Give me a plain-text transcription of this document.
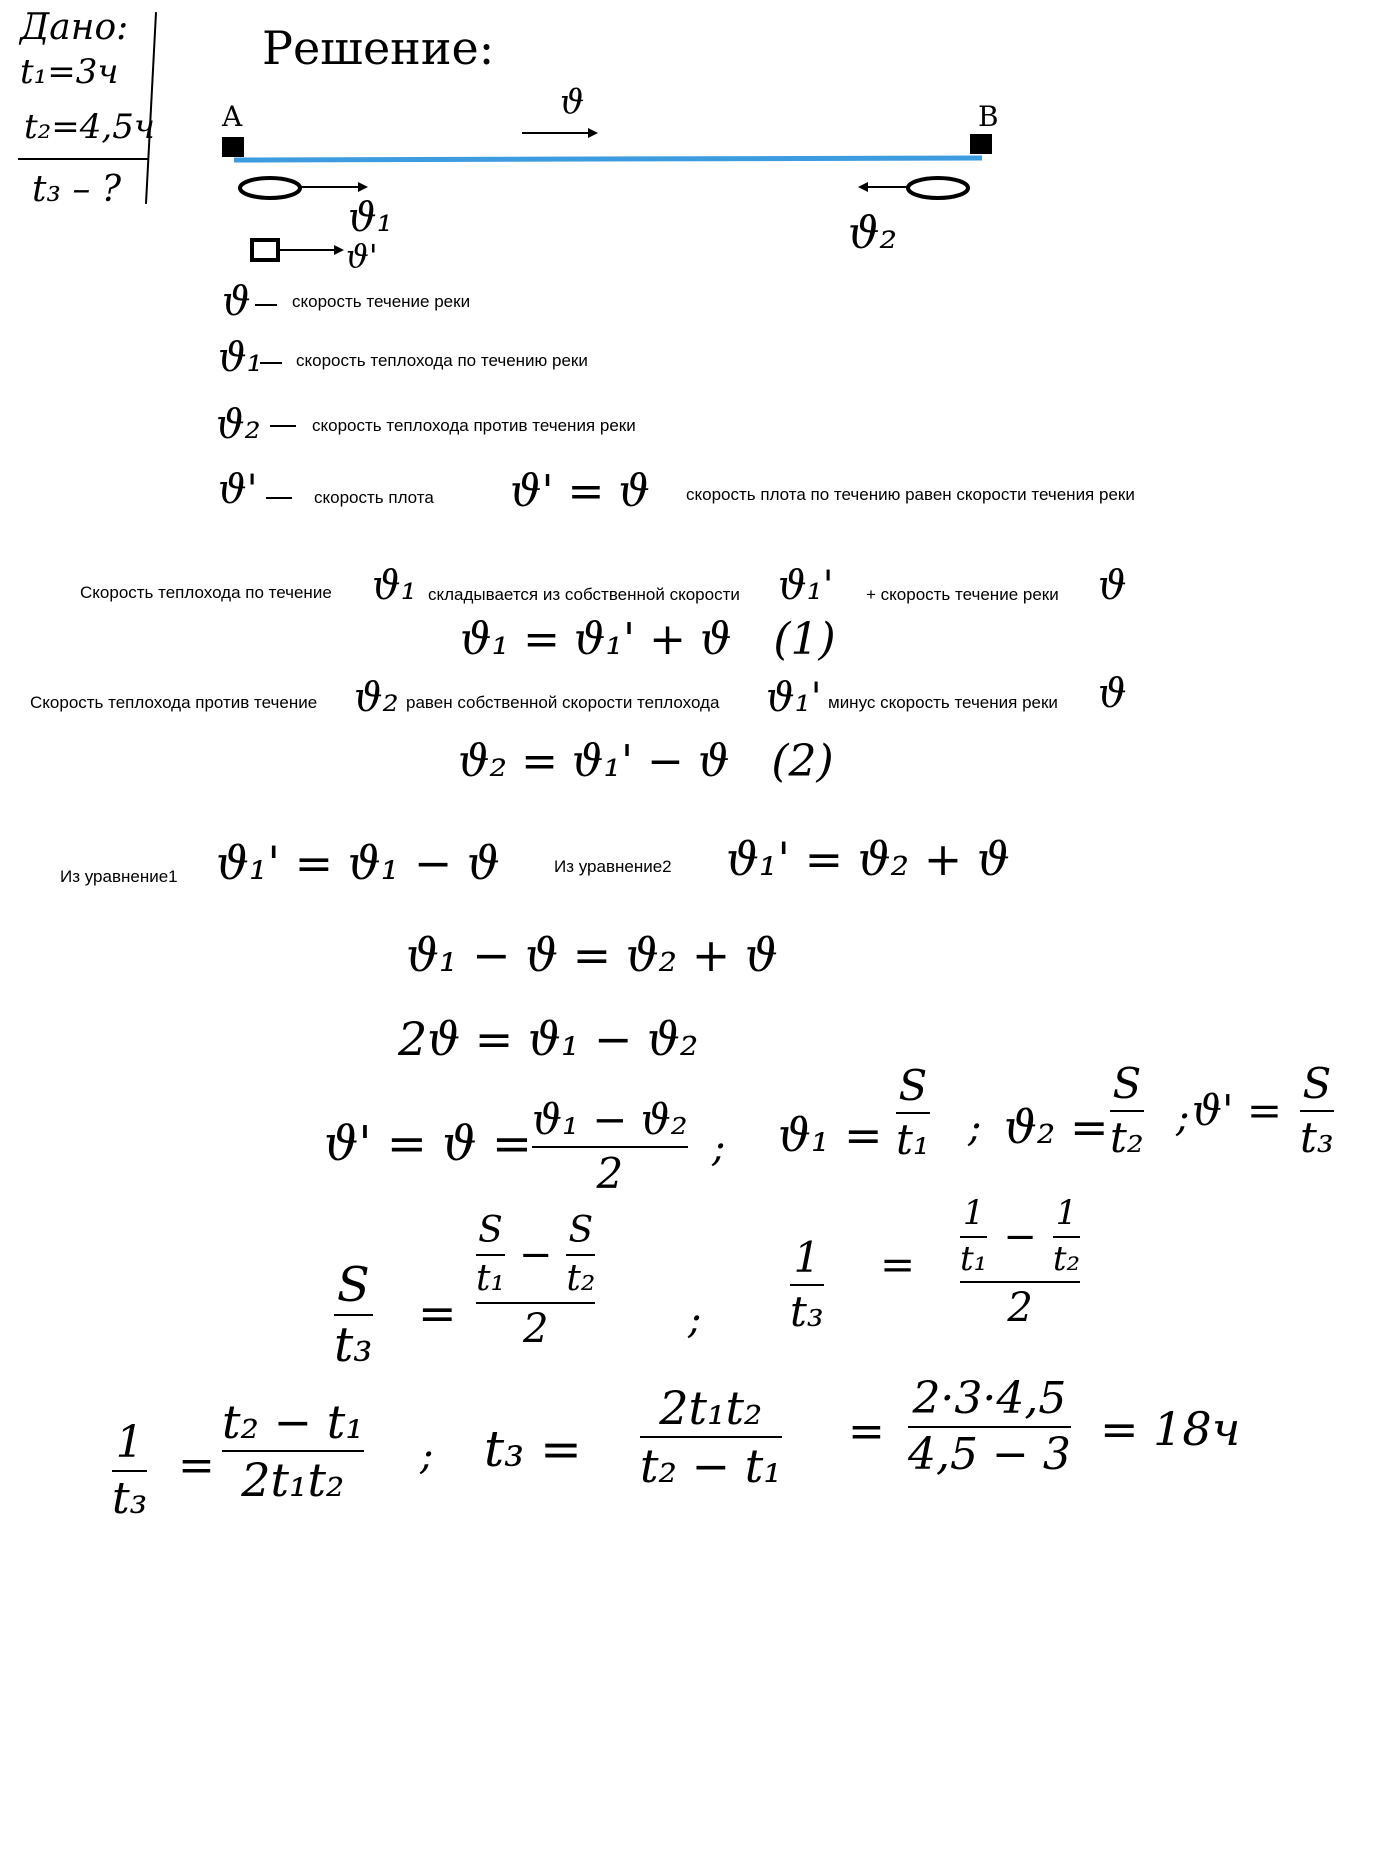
Дано:
t₁=3ч
t₂=4,5ч
t₃ – ?
Решение:
A	B
ϑ
ϑ₁
ϑ'	ϑ₂
ϑ	скорость течение реки
ϑ₁ скорость теплохода по течению реки
ϑ₂	скорость теплохода против течения реки
ϑ'	скорость плота ϑ' = ϑ скорость плота по течению равен скорости течения реки
Скорость теплохода по течение ϑ₁ складывается из собственной скорости ϑ₁' + скорость течение реки ϑ
ϑ₁ = ϑ₁' + ϑ   (1)
Скорость теплохода против течение ϑ₂ равен собственной скорости теплохода ϑ₁' минус скорость течения реки ϑ
ϑ₂ = ϑ₁' − ϑ   (2)
Из уравнение1 ϑ₁' = ϑ₁ − ϑ	Из уравнение2 ϑ₁' = ϑ₂ + ϑ
ϑ₁ − ϑ = ϑ₂ + ϑ
2ϑ = ϑ₁ − ϑ₂
ϑ' = ϑ = ϑ₁ − ϑ₂
2
; ϑ₁ =
S
t₁ ; ϑ₂ =
S
t₂ ; ϑ' =
S
t₃
S
t₃
=
$\frac{S}{\text{t₁}} - \frac{S}{\text{t₂}}$
2	;
1
t₃
= $\frac{1}{\text{t₁}} - \frac{1}{\text{t₂}}$
2
1
t₃
=
t₂ − t₁
2t₁t₂ ; t₃ =
2t₁t₂
t₂ − t₁
=
2·3·4,5
4,5 − 3 = 18ч
